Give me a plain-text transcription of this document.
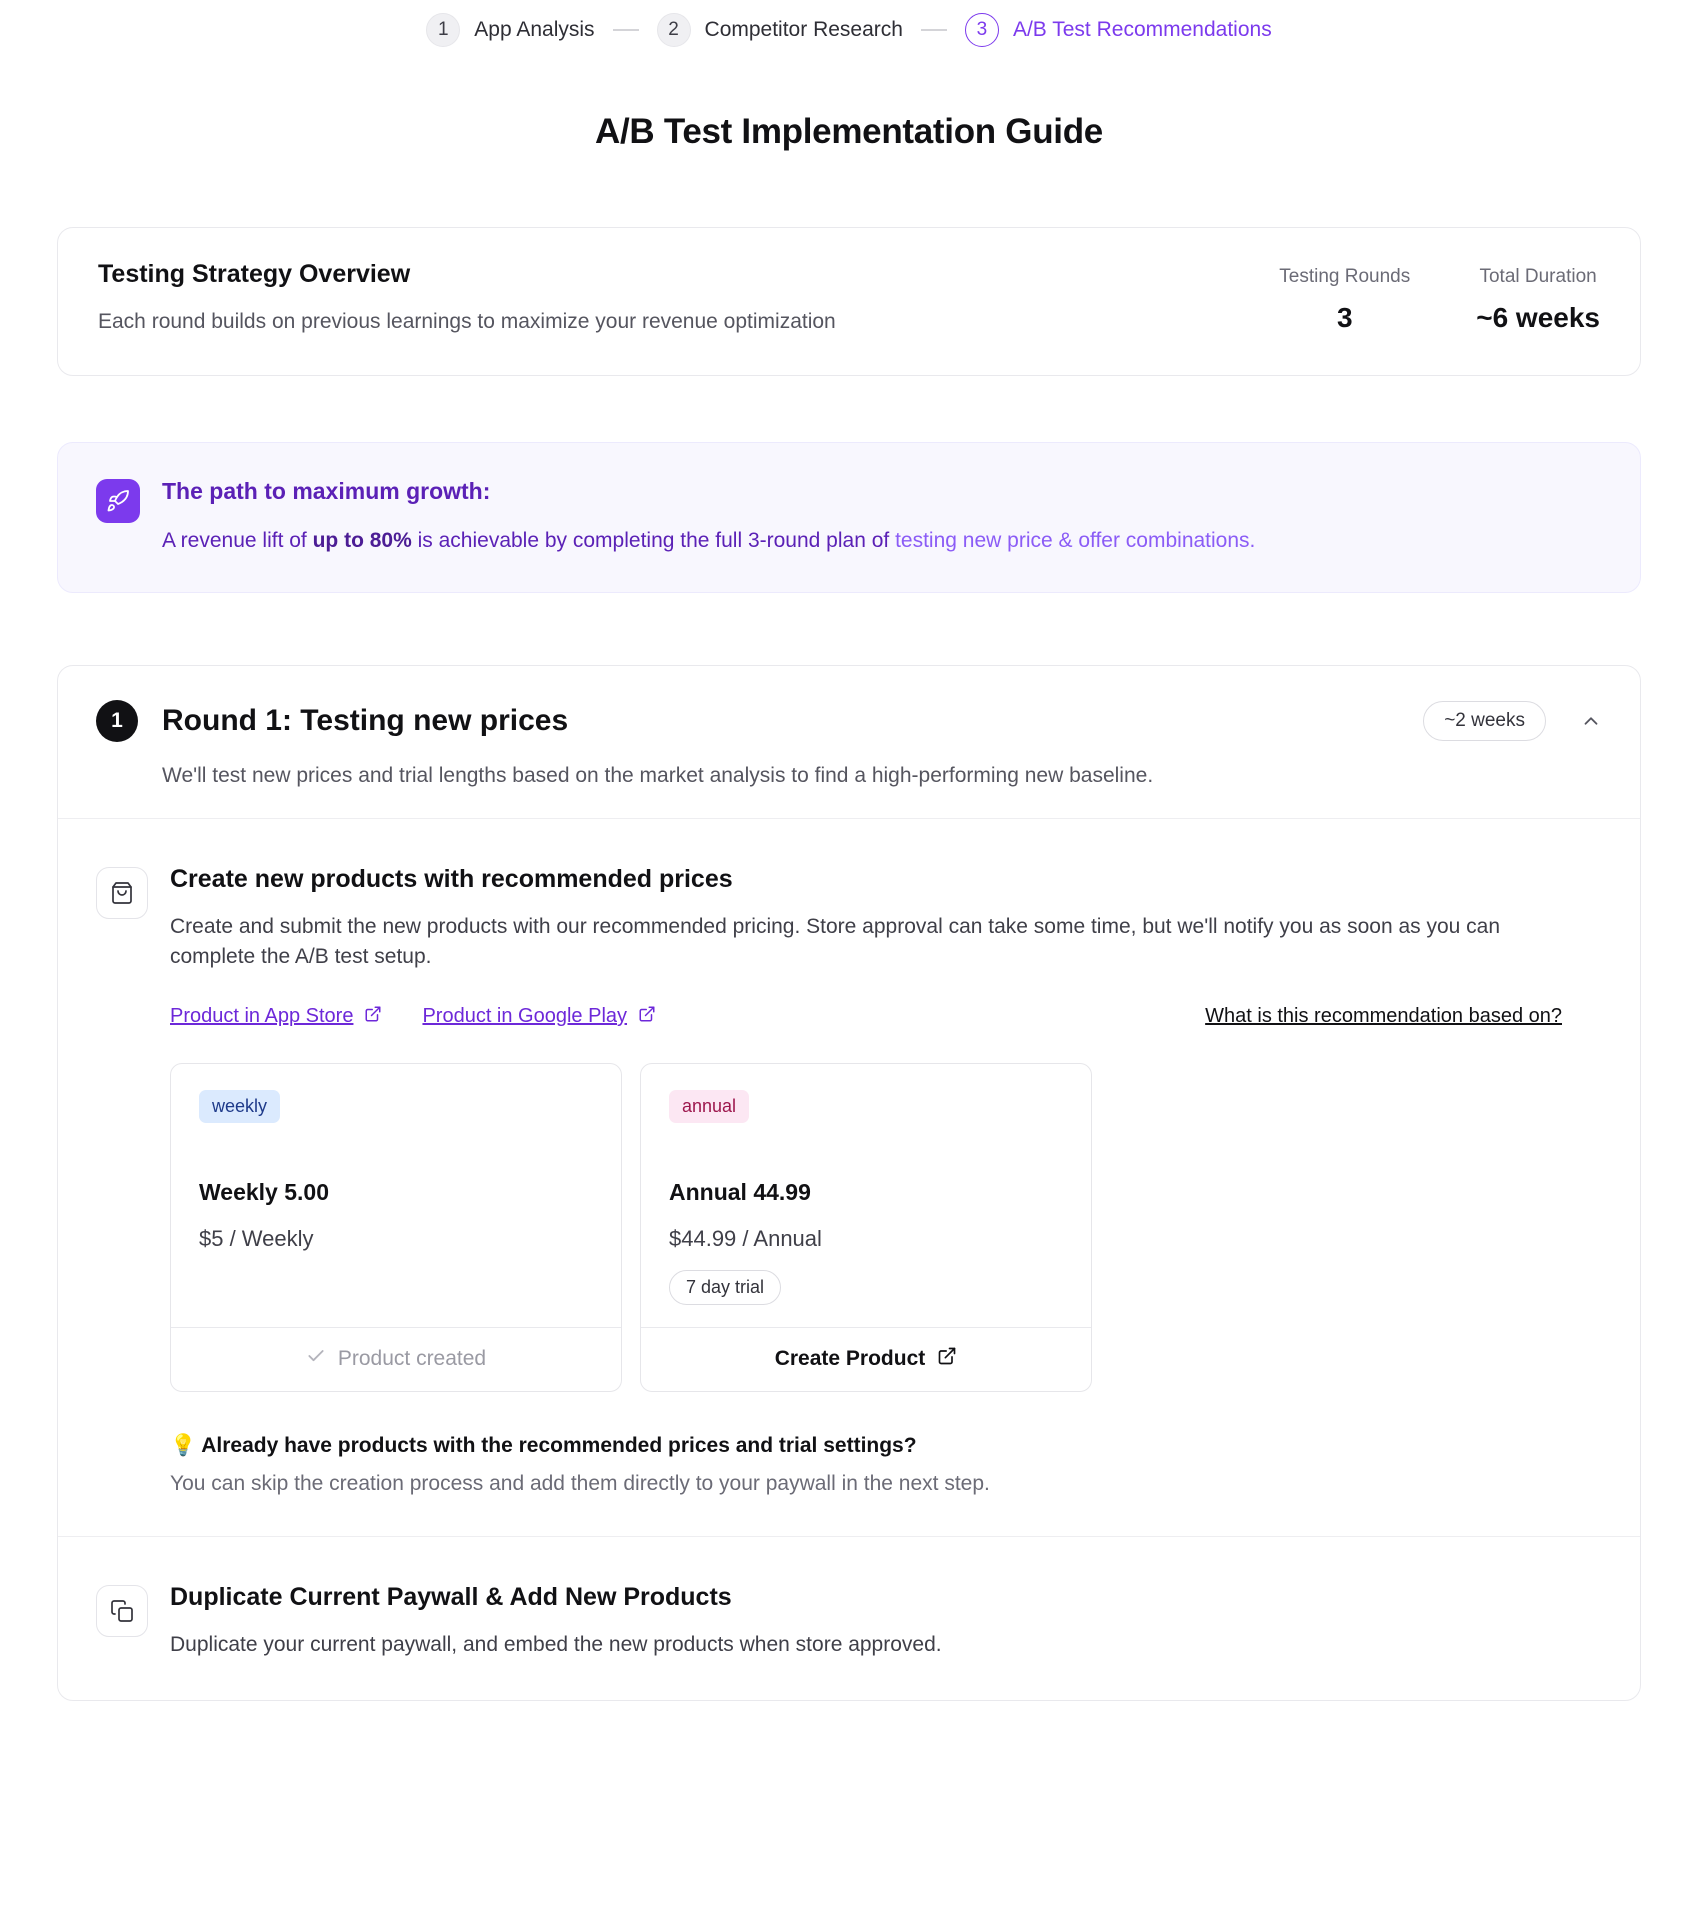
1	App Analysis	2	Competitor Research	3	A/B Test Recommendations
A/B Test Implementation Guide
Testing Strategy Overview
Each round builds on previous learnings to maximize your revenue optimization
Testing Rounds
3
Total Duration
~6 weeks
The path to maximum growth:
A revenue lift of up to 80% is achievable by completing the full 3-round plan of testing new price & offer combinations.
1	Round 1: Testing new prices	~2 weeks
We'll test new prices and trial lengths based on the market analysis to find a high-performing new baseline.
Create new products with recommended prices
Create and submit the new products with our recommended pricing. Store approval can take some time, but we'll notify you as soon as you can complete the A/B test setup.
Product in App Store	Product in Google Play	What is this recommendation based on?
weekly
Weekly 5.00
$5 / Weekly
Product created
annual
Annual 44.99
$44.99 / Annual
7 day trial
Create Product
💡 Already have products with the recommended prices and trial settings?
You can skip the creation process and add them directly to your paywall in the next step.
Duplicate Current Paywall & Add New Products
Duplicate your current paywall, and embed the new products when store approved.
